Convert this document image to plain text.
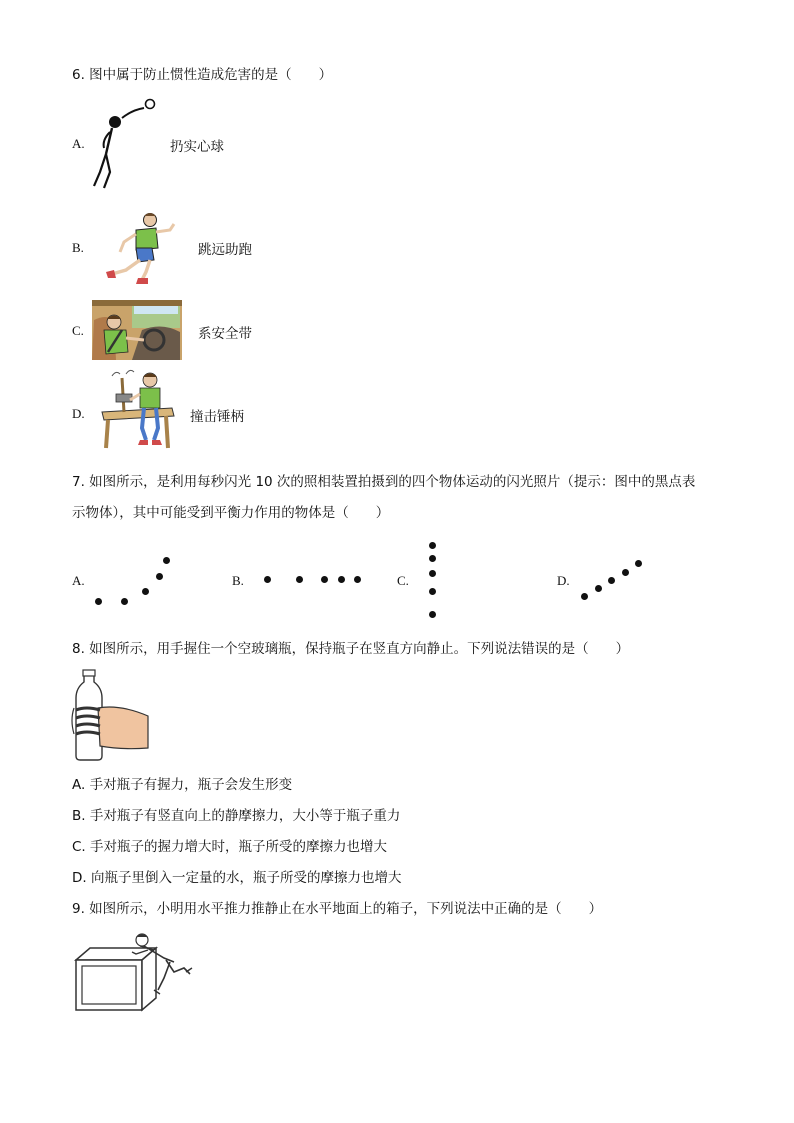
6. 图中属于防止惯性造成危害的是（　　）
A.	扔实心球
B.	跳远助跑
C.	系安全带
D.	撞击锤柄
7. 如图所示，是利用每秒闪光 10 次的照相装置拍摄到的四个物体运动的闪光照片（提示：图中的黑点表
示物体），其中可能受到平衡力作用的物体是（　　）
A.	B.	C.	D.
8. 如图所示，用手握住一个空玻璃瓶，保持瓶子在竖直方向静止。下列说法错误的是（　　）
A. 手对瓶子有握力，瓶子会发生形变
B. 手对瓶子有竖直向上的静摩擦力，大小等于瓶子重力
C. 手对瓶子的握力增大时，瓶子所受的摩擦力也增大
D. 向瓶子里倒入一定量的水，瓶子所受的摩擦力也增大
9. 如图所示，小明用水平推力推静止在水平地面上的箱子，下列说法中正确的是（　　）
